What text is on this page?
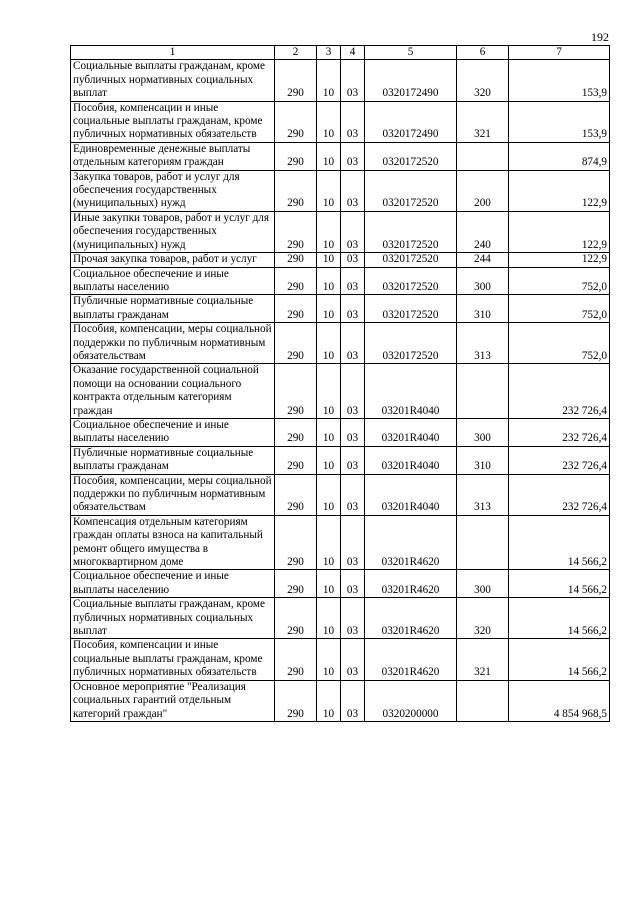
192
1	2	3	4	5	6	7
Социальные выплаты гражданам, кроме публичных нормативных социальных выплат	290	10	03	0320172490	320	153,9
Пособия, компенсации и иные социальные выплаты гражданам, кроме публичных нормативных обязательств	290	10	03	0320172490	321	153,9
Единовременные денежные выплаты отдельным категориям граждан	290	10	03	0320172520		874,9
Закупка товаров, работ и услуг для обеспечения государственных (муниципальных) нужд	290	10	03	0320172520	200	122,9
Иные закупки товаров, работ и услуг для обеспечения государственных (муниципальных) нужд	290	10	03	0320172520	240	122,9
Прочая закупка товаров, работ и услуг	290	10	03	0320172520	244	122,9
Социальное обеспечение и иные выплаты населению	290	10	03	0320172520	300	752,0
Публичные нормативные социальные выплаты гражданам	290	10	03	0320172520	310	752,0
Пособия, компенсации, меры социальной поддержки по публичным нормативным обязательствам	290	10	03	0320172520	313	752,0
Оказание государственной социальной помощи на основании социального контракта отдельным категориям граждан	290	10	03	03201R4040		232 726,4
Социальное обеспечение и иные выплаты населению	290	10	03	03201R4040	300	232 726,4
Публичные нормативные социальные выплаты гражданам	290	10	03	03201R4040	310	232 726,4
Пособия, компенсации, меры социальной поддержки по публичным нормативным обязательствам	290	10	03	03201R4040	313	232 726,4
Компенсация отдельным категориям граждан оплаты взноса на капитальный ремонт общего имущества в многоквартирном доме	290	10	03	03201R4620		14 566,2
Социальное обеспечение и иные выплаты населению	290	10	03	03201R4620	300	14 566,2
Социальные выплаты гражданам, кроме публичных нормативных социальных выплат	290	10	03	03201R4620	320	14 566,2
Пособия, компенсации и иные социальные выплаты гражданам, кроме публичных нормативных обязательств	290	10	03	03201R4620	321	14 566,2
Основное мероприятие "Реализация социальных гарантий отдельным категорий граждан"	290	10	03	0320200000		4 854 968,5
